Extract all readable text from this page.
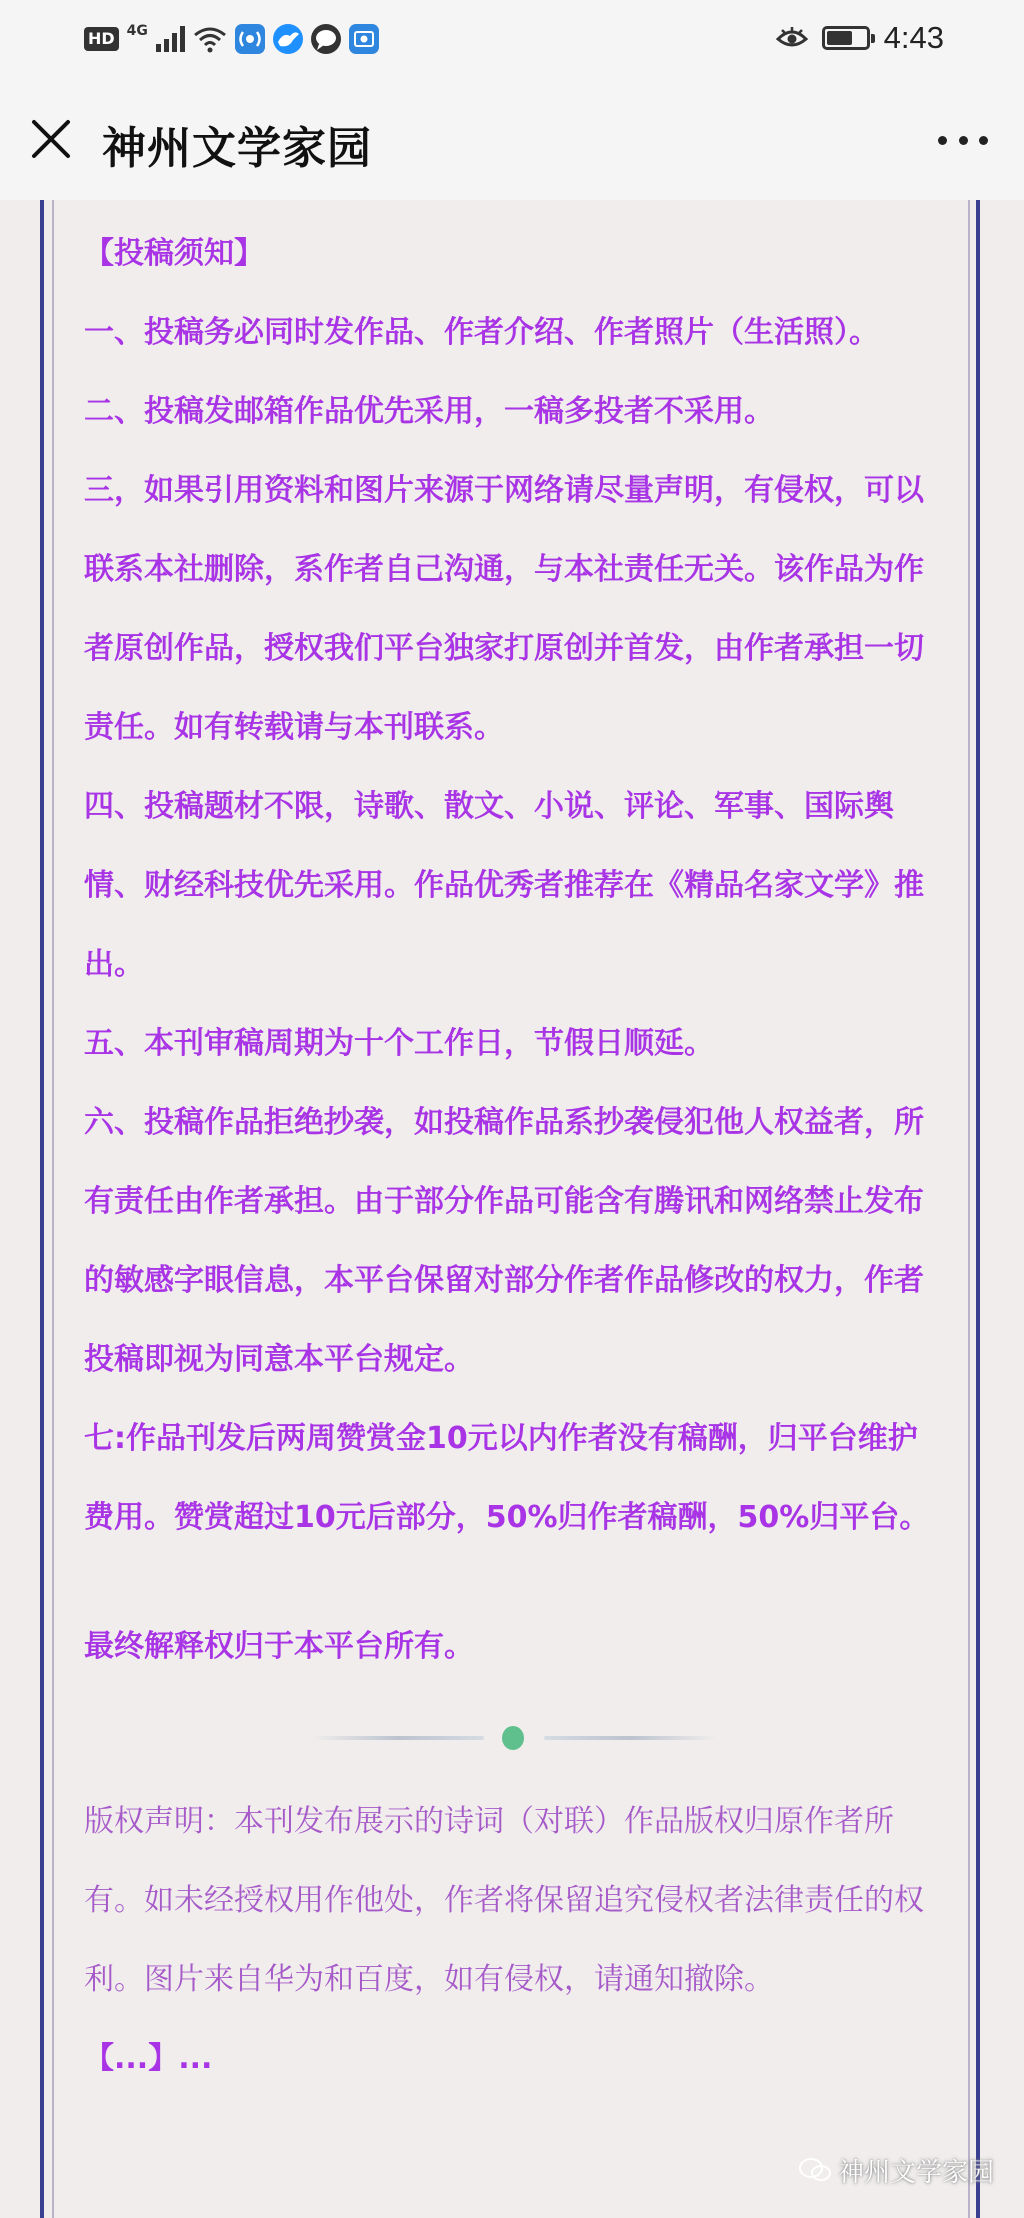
HD 4G	4:43
神州文学家园

【投稿须知】

一、投稿务必同时发作品、作者介绍、作者照片（生活照）。

二、投稿发邮箱作品优先采用，一稿多投者不采用。

三，如果引用资料和图片来源于网络请尽量声明，有侵权，可以联系本社删除，系作者自己沟通，与本社责任无关。该作品为作者原创作品，授权我们平台独家打原创并首发，由作者承担一切责任。如有转载请与本刊联系。

四、投稿题材不限，诗歌、散文、小说、评论、军事、国际舆情、财经科技优先采用。作品优秀者推荐在《精品名家文学》推出。

五、本刊审稿周期为十个工作日，节假日顺延。

六、投稿作品拒绝抄袭，如投稿作品系抄袭侵犯他人权益者，所有责任由作者承担。由于部分作品可能含有腾讯和网络禁止发布的敏感字眼信息，本平台保留对部分作者作品修改的权力，作者投稿即视为同意本平台规定。

七:作品刊发后两周赞赏金10元以内作者没有稿酬，归平台维护费用。赞赏超过10元后部分，50%归作者稿酬，50%归平台。

最终解释权归于本平台所有。

版权声明：本刊发布展示的诗词（对联）作品版权归原作者所有。如未经授权用作他处，作者将保留追究侵权者法律责任的权利。图片来自华为和百度，如有侵权，请通知撤除。

【...】...

神州文学家园
